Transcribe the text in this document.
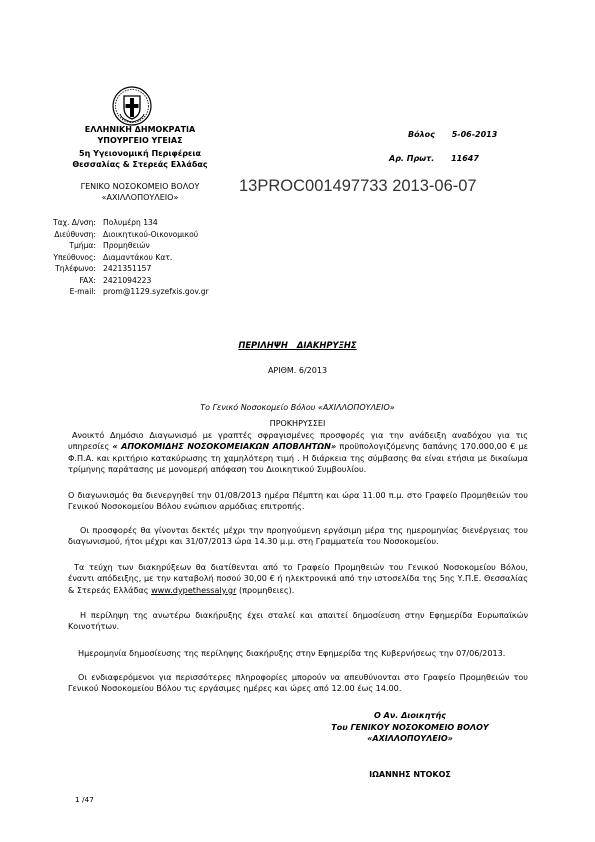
ΕΛΛΗΝΙΚΗ ΔΗΜΟΚΡΑΤΙΑ
ΥΠΟΥΡΓΕΙΟ ΥΓΕΙΑΣ
5η Υγειονομική Περιφέρεια
Θεσσαλίας & Στερεάς Ελλάδας
ΓΕΝΙΚΟ ΝΟΣΟΚΟΜΕΙΟ ΒΟΛΟΥ
«ΑΧΙΛΛΟΠΟΥΛΕΙΟ»
Βόλος 5-06-2013
Αρ. Πρωτ. 11647
13PROC001497733 2013-06-07
Ταχ. Δ/νση: Πολυμέρη 134
Διεύθυνση: Διοικητικού-Οικονομικού
Τμήμα: Προμηθειών
Υπεύθυνος: Διαμαντάκου Κατ.
Τηλέφωνο: 2421351157
FAX: 2421094223
E-mail: prom@1129.syzefxis.gov.gr
ΠΕΡΙΛΗΨΗ ΔΙΑΚΗΡΥΞΗΣ
ΑΡΙΘΜ. 6/2013
Το Γενικό Νοσοκομείο Βόλου «ΑΧΙΛΛΟΠΟΥΛΕΙΟ»
ΠΡΟΚΗΡΥΣΣΕΙ
Ανοικτό Δημόσιο Διαγωνισμό με γραπτές σφραγισμένες προσφορές για την ανάδειξη αναδόχου για τις υπηρεσίες « ΑΠΟΚΟΜΙΔΗΣ ΝΟΣΟΚΟΜΕΙΑΚΩΝ ΑΠΟΒΛΗΤΩΝ» προϋπολογιζόμενης δαπάνης 170.000,00 € με Φ.Π.Α. και κριτήριο κατακύρωσης τη χαμηλότερη τιμή . Η διάρκεια της σύμβασης θα είναι ετήσια με δικαίωμα τρίμηνης παράτασης με μονομερή απόφαση του Διοικητικού Συμβουλίου.
Ο διαγωνισμός θα διενεργηθεί την 01/08/2013 ημέρα Πέμπτη και ώρα 11.00 π.μ. στο Γραφείο Προμηθειών του Γενικού Νοσοκομείου Βόλου ενώπιον αρμόδιας επιτροπής.
Οι προσφορές θα γίνονται δεκτές μέχρι την προηγούμενη εργάσιμη μέρα της ημερομηνίας διενέργειας του διαγωνισμού, ήτοι μέχρι και 31/07/2013 ώρα 14.30 μ.μ. στη Γραμματεία του Νοσοκομείου.
Τα τεύχη των διακηρύξεων θα διατίθενται από το Γραφείο Προμηθειών του Γενικού Νοσοκομείου Βόλου, έναντι απόδειξης, με την καταβολή ποσού 30,00 € ή ηλεκτρονικά από την ιστοσελίδα της 5ης Υ.Π.Ε. Θεσσαλίας & Στερεάς Ελλάδας www.dypethessaly.gr (προμηθειες).
Η περίληψη της ανωτέρω διακήρυξης έχει σταλεί και απαιτεί δημοσίευση στην Εφημερίδα Ευρωπαϊκών Κοινοτήτων.
Ημερομηνία δημοσίευσης της περίληψης διακήρυξης στην Εφημερίδα της Κυβερνήσεως την 07/06/2013.
Οι ενδιαφερόμενοι για περισσότερες πληροφορίες μπορούν να απευθύνονται στο Γραφείο Προμηθειών του Γενικού Νοσοκομείου Βόλου τις εργάσιμες ημέρες και ώρες από 12.00 έως 14.00.
Ο Αν. Διοικητής
Του ΓΕΝΙΚΟΥ ΝΟΣΟΚΟΜΕΙΟ ΒΟΛΟΥ
«ΑΧΙΛΛΟΠΟΥΛΕΙΟ»
ΙΩΑΝΝΗΣ ΝΤΟΚΟΣ
1 /47
